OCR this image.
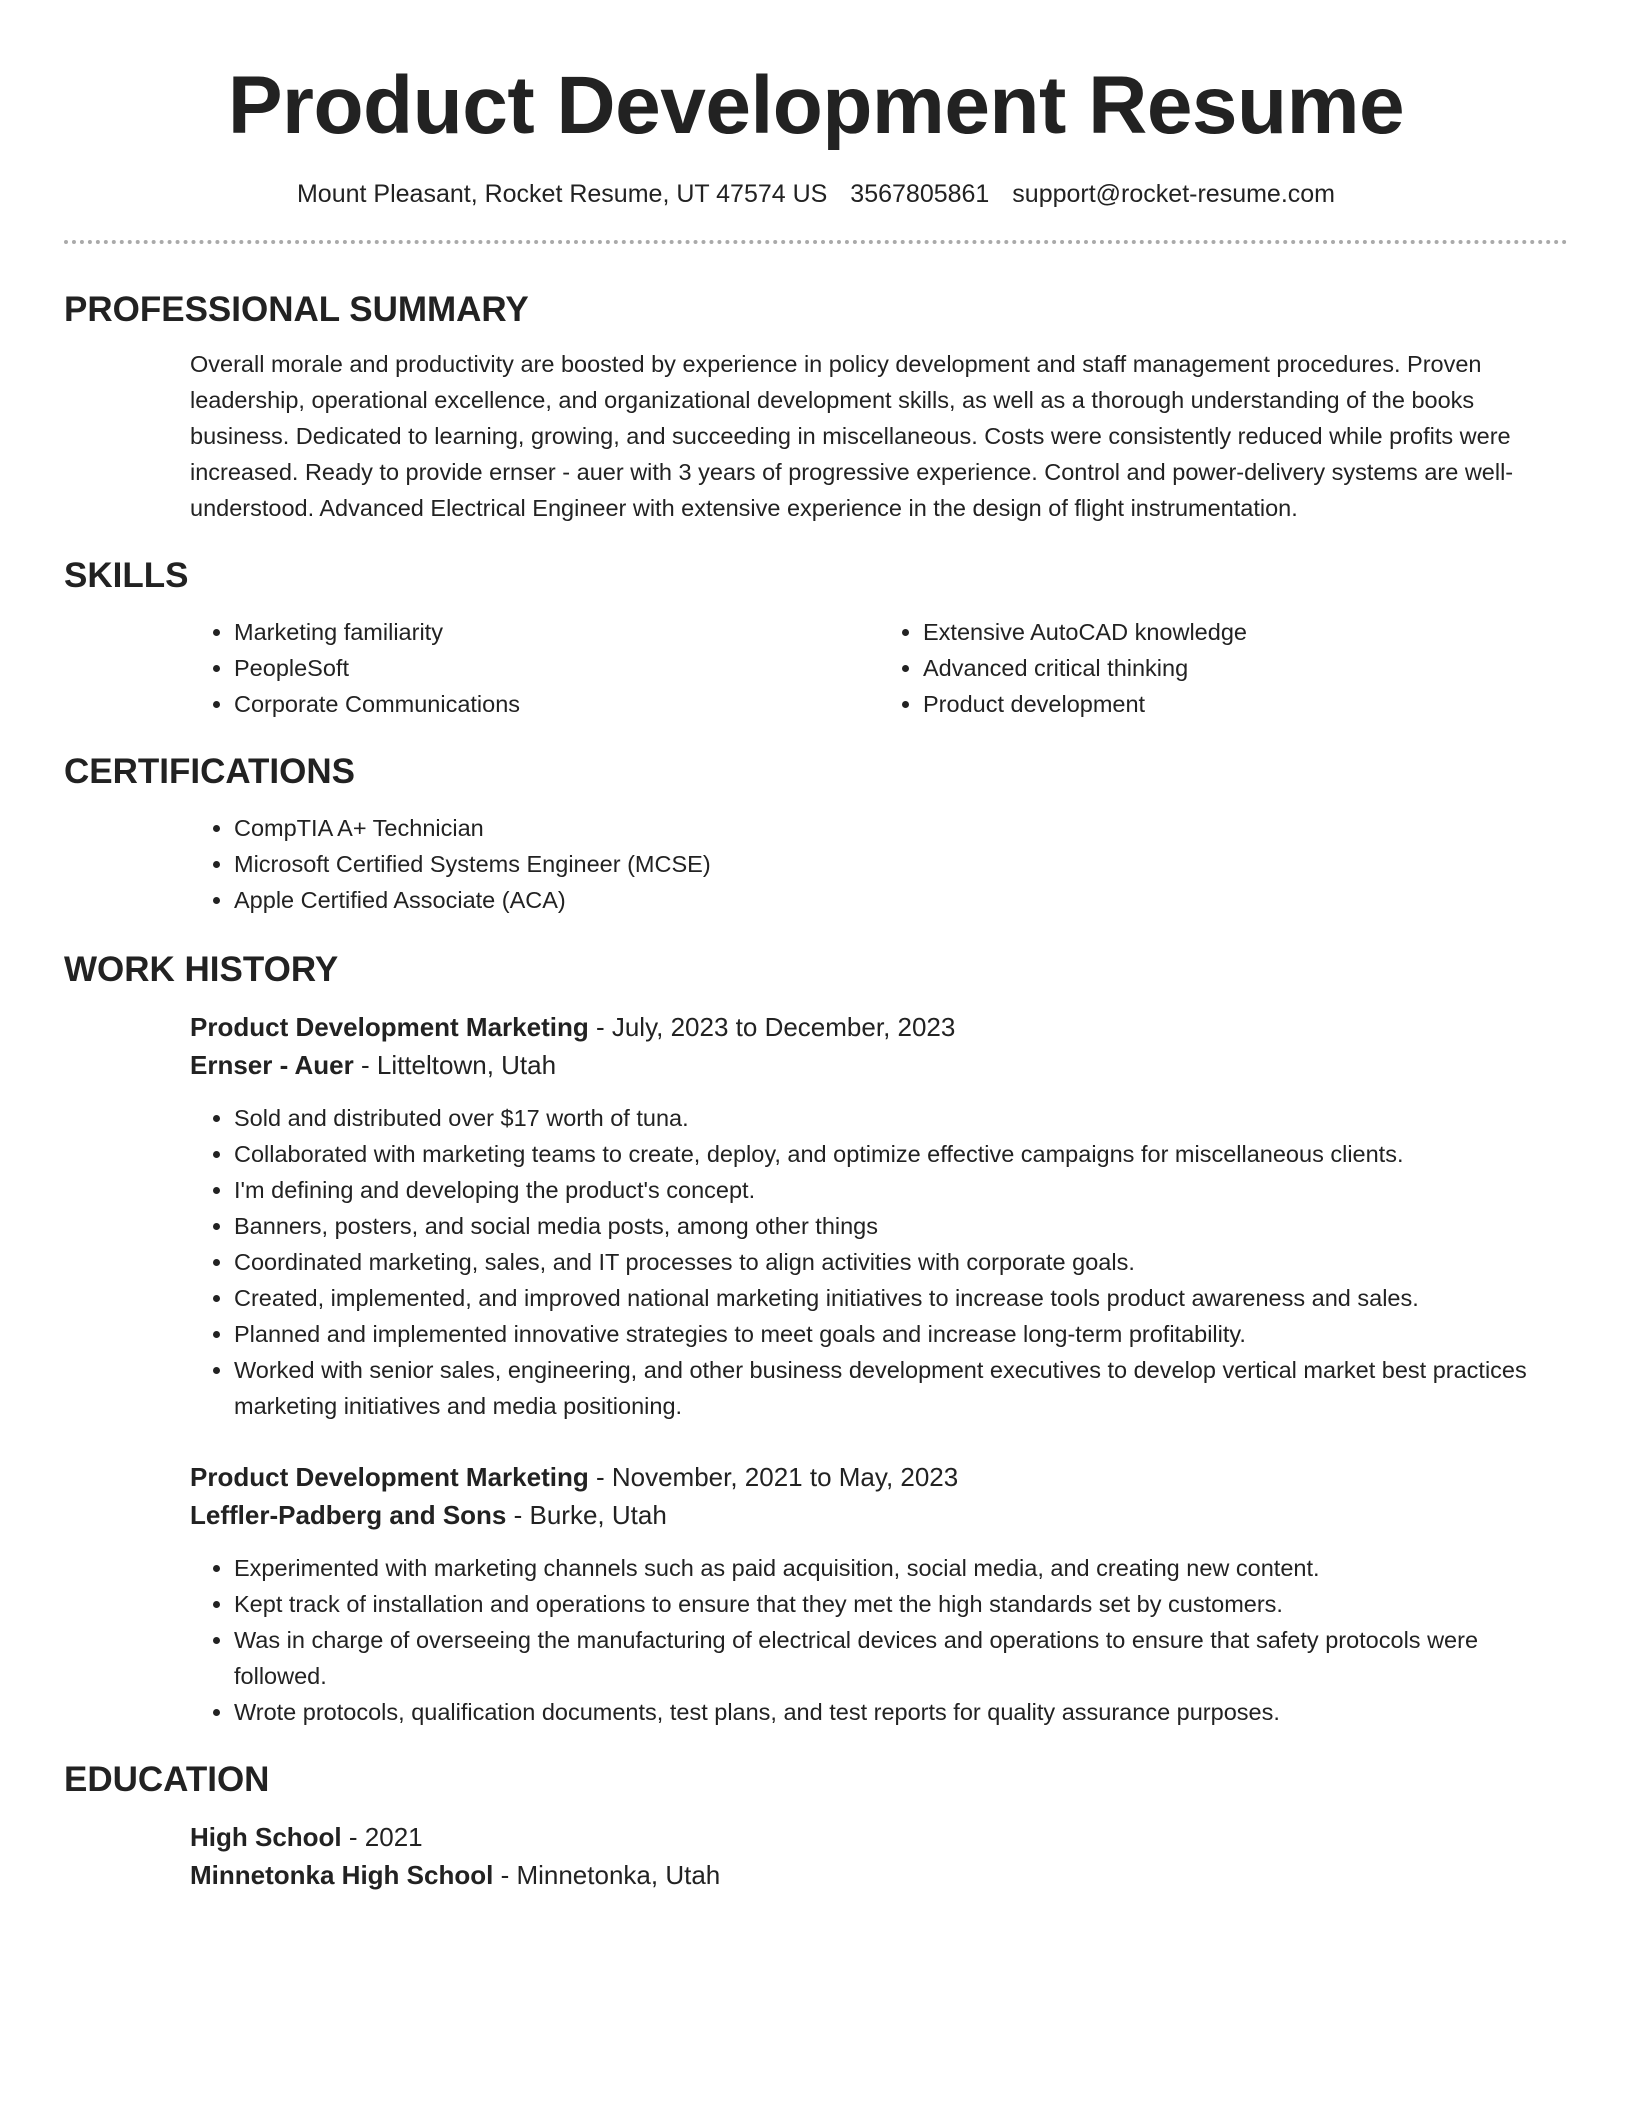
Product Development Resume
Mount Pleasant, Rocket Resume, UT 47574 US 3567805861 support@rocket-resume.com
PROFESSIONAL SUMMARY

Overall morale and productivity are boosted by experience in policy development and staff management procedures. Proven leadership, operational excellence, and organizational development skills, as well as a thorough understanding of the books business. Dedicated to learning, growing, and succeeding in miscellaneous. Costs were consistently reduced while profits were increased. Ready to provide ernser - auer with 3 years of progressive experience. Control and power-delivery systems are well-understood. Advanced Electrical Engineer with extensive experience in the design of flight instrumentation.

SKILLS
• Marketing familiarity
• PeopleSoft
• Corporate Communications
• Extensive AutoCAD knowledge
• Advanced critical thinking
• Product development
CERTIFICATIONS
• CompTIA A+ Technician
• Microsoft Certified Systems Engineer (MCSE)
• Apple Certified Associate (ACA)
WORK HISTORY
Product Development Marketing - July, 2023 to December, 2023
Ernser - Auer - Litteltown, Utah
• Sold and distributed over $17 worth of tuna.
• Collaborated with marketing teams to create, deploy, and optimize effective campaigns for miscellaneous clients.
• I'm defining and developing the product's concept.
• Banners, posters, and social media posts, among other things
• Coordinated marketing, sales, and IT processes to align activities with corporate goals.
• Created, implemented, and improved national marketing initiatives to increase tools product awareness and sales.
• Planned and implemented innovative strategies to meet goals and increase long-term profitability.
• Worked with senior sales, engineering, and other business development executives to develop vertical market best practices marketing initiatives and media positioning.
Product Development Marketing - November, 2021 to May, 2023
Leffler-Padberg and Sons - Burke, Utah
• Experimented with marketing channels such as paid acquisition, social media, and creating new content.
• Kept track of installation and operations to ensure that they met the high standards set by customers.
• Was in charge of overseeing the manufacturing of electrical devices and operations to ensure that safety protocols were followed.
• Wrote protocols, qualification documents, test plans, and test reports for quality assurance purposes.
EDUCATION
High School - 2021
Minnetonka High School - Minnetonka, Utah
